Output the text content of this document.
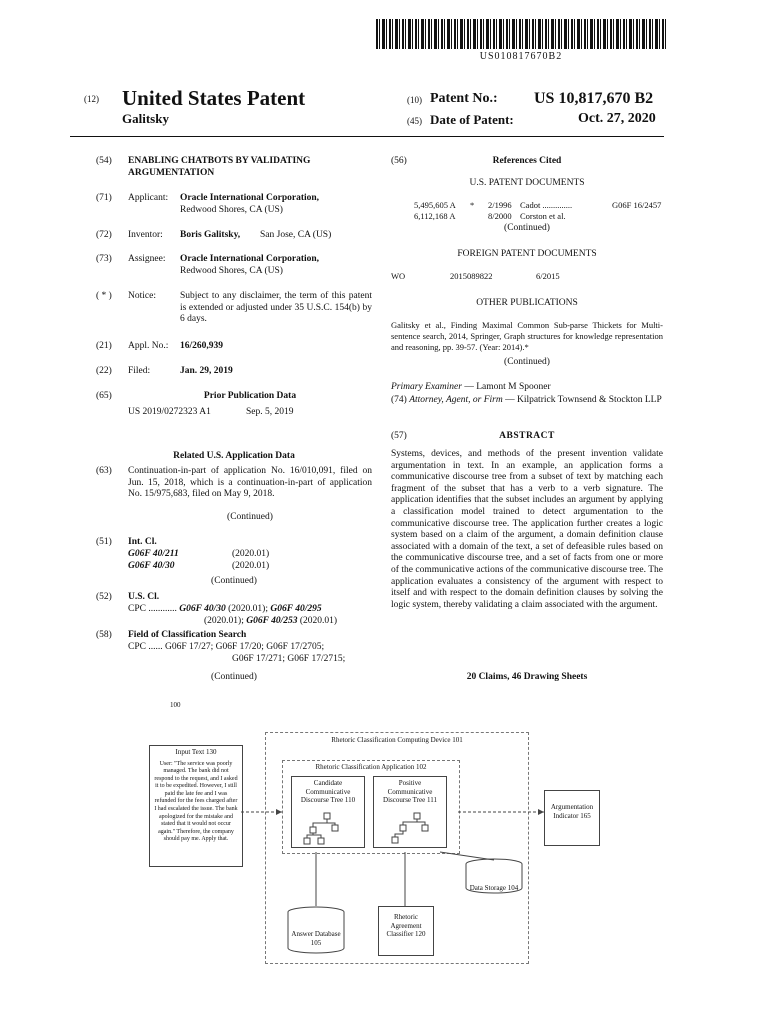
US010817670B2
(12) United States Patent
Galitsky
(10) Patent No.: US 10,817,670 B2
(45) Date of Patent:	Oct. 27, 2020
(54) ENABLING CHATBOTS BY VALIDATING ARGUMENTATION
(71) Applicant: Oracle International Corporation,
Redwood Shores, CA (US)
(72) Inventor: Boris Galitsky, San Jose, CA (US)
(73) Assignee: Oracle International Corporation,
Redwood Shores, CA (US)
( * ) Notice:	Subject to any disclaimer, the term of this patent is extended or adjusted under 35 U.S.C. 154(b) by 6 days.
(21) Appl. No.: 16/260,939
(22) Filed:	Jan. 29, 2019
(65)	Prior Publication Data
US 2019/0272323 A1	Sep. 5, 2019
Related U.S. Application Data
(63) Continuation-in-part of application No. 16/010,091, filed on Jun. 15, 2018, which is a continuation-in-part of application No. 15/975,683, filed on May 9, 2018.
(Continued)
(51) Int. Cl.
G06F 40/211	(2020.01)
G06F 40/30	(2020.01)
(Continued)
(52) U.S. Cl.
CPC ............ G06F 40/30 (2020.01); G06F 40/295
(2020.01); G06F 40/253 (2020.01)
(58) Field of Classification Search
CPC ...... G06F 17/27; G06F 17/20; G06F 17/2705;
G06F 17/271; G06F 17/2715;
(Continued)
(56)	References Cited
U.S. PATENT DOCUMENTS
5,495,605 A * 2/1996 Cadot ..............	G06F 16/2457
6,112,168 A	8/2000 Corston et al.
(Continued)
FOREIGN PATENT DOCUMENTS
WO	2015089822	6/2015
OTHER PUBLICATIONS
Galitsky et al., Finding Maximal Common Sub-parse Thickets for Multi-sentence search, 2014, Springer, Graph structures for knowledge representation and reasoning, pp. 39-57. (Year: 2014).*
(Continued)
Primary Examiner — Lamont M Spooner
(74) Attorney, Agent, or Firm — Kilpatrick Townsend & Stockton LLP
(57)	ABSTRACT
Systems, devices, and methods of the present invention validate argumentation in text. In an example, an application forms a communicative discourse tree from a subset of text by matching each fragment of the subset that has a verb to a verb signature. The application identifies that the subset includes an argument by applying a classification model trained to detect argumentation to the communicative discourse tree. The application further creates a logic system based on a claim of the argument, a domain definition clause associated with a domain of the text, a set of defeasible rules based on the communicative discourse tree, and a set of facts from one or more of the communicative actions of the communicative discourse tree. The application evaluates a consistency of the argument with respect to itself and with respect to the domain definition clauses by solving the logic system, thereby validating a claim associated with the argument.
20 Claims, 46 Drawing Sheets
100
Input Text 130
User: "The service was poorly managed. The bank did not respond to the request, and I asked it to be expedited. However, I still paid the late fee and I was refunded for the fees charged after I had escalated the issue. The bank apologized for the mistake and stated that it would not occur again." Therefore, the company should pay me. Apply that.
Rhetoric Classification Computing Device 101
Rhetoric Classification Application 102
Candidate Communicative Discourse Tree 110
Positive Communicative Discourse Tree 111
Data Storage 104
Rhetoric Agreement Classifier 120
Answer Database 105
Argumentation Indicator 165
